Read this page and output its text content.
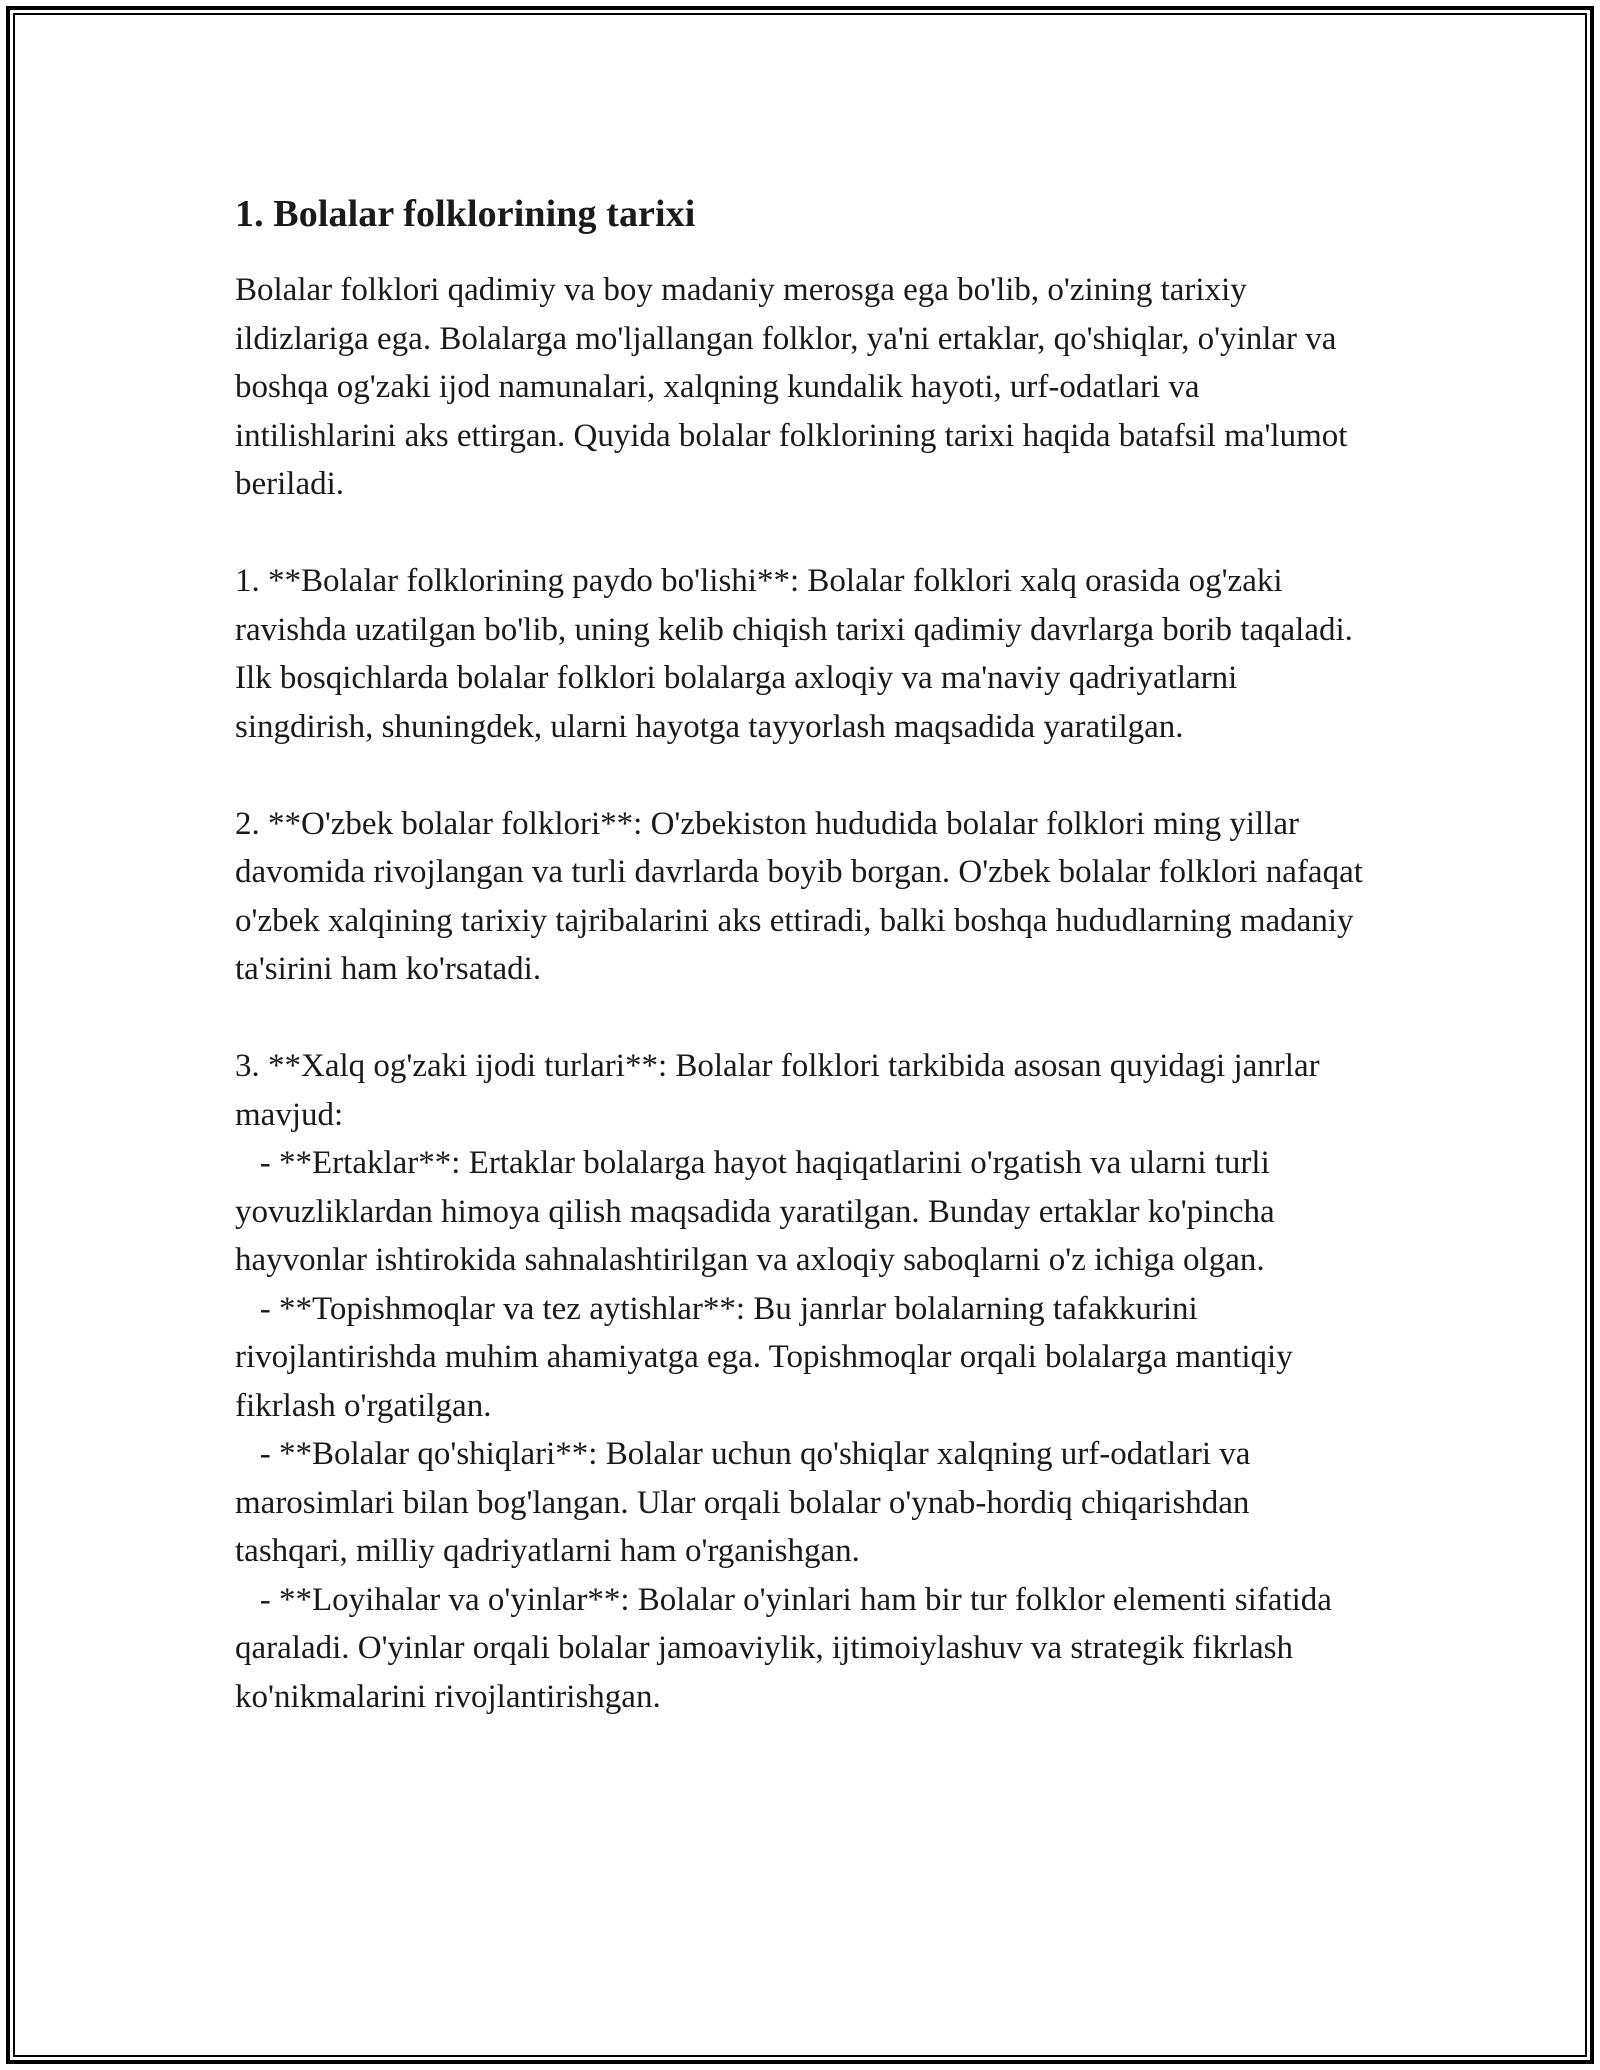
1. Bolalar folklorining tarixi

Bolalar folklori qadimiy va boy madaniy merosga ega bo'lib, o'zining tarixiy ildizlariga ega. Bolalarga mo'ljallangan folklor, ya'ni ertaklar, qo'shiqlar, o'yinlar va boshqa og'zaki ijod namunalari, xalqning kundalik hayoti, urf-odatlari va intilishlarini aks ettirgan. Quyida bolalar folklorining tarixi haqida batafsil ma'lumot beriladi.

1. **Bolalar folklorining paydo bo'lishi**: Bolalar folklori xalq orasida og'zaki ravishda uzatilgan bo'lib, uning kelib chiqish tarixi qadimiy davrlarga borib taqaladi. Ilk bosqichlarda bolalar folklori bolalarga axloqiy va ma'naviy qadriyatlarni singdirish, shuningdek, ularni hayotga tayyorlash maqsadida yaratilgan.

2. **O'zbek bolalar folklori**: O'zbekiston hududida bolalar folklori ming yillar davomida rivojlangan va turli davrlarda boyib borgan. O'zbek bolalar folklori nafaqat o'zbek xalqining tarixiy tajribalarini aks ettiradi, balki boshqa hududlarning madaniy ta'sirini ham ko'rsatadi.

3. **Xalq og'zaki ijodi turlari**: Bolalar folklori tarkibida asosan quyidagi janrlar mavjud:

- **Ertaklar**: Ertaklar bolalarga hayot haqiqatlarini o'rgatish va ularni turli yovuzliklardan himoya qilish maqsadida yaratilgan. Bunday ertaklar ko'pincha hayvonlar ishtirokida sahnalashtirilgan va axloqiy saboqlarni o'z ichiga olgan.

- **Topishmoqlar va tez aytishlar**: Bu janrlar bolalarning tafakkurini rivojlantirishda muhim ahamiyatga ega. Topishmoqlar orqali bolalarga mantiqiy fikrlash o'rgatilgan.

- **Bolalar qo'shiqlari**: Bolalar uchun qo'shiqlar xalqning urf-odatlari va marosimlari bilan bog'langan. Ular orqali bolalar o'ynab-hordiq chiqarishdan tashqari, milliy qadriyatlarni ham o'rganishgan.

- **Loyihalar va o'yinlar**: Bolalar o'yinlari ham bir tur folklor elementi sifatida qaraladi. O'yinlar orqali bolalar jamoaviylik, ijtimoiylashuv va strategik fikrlash ko'nikmalarini rivojlantirishgan.
